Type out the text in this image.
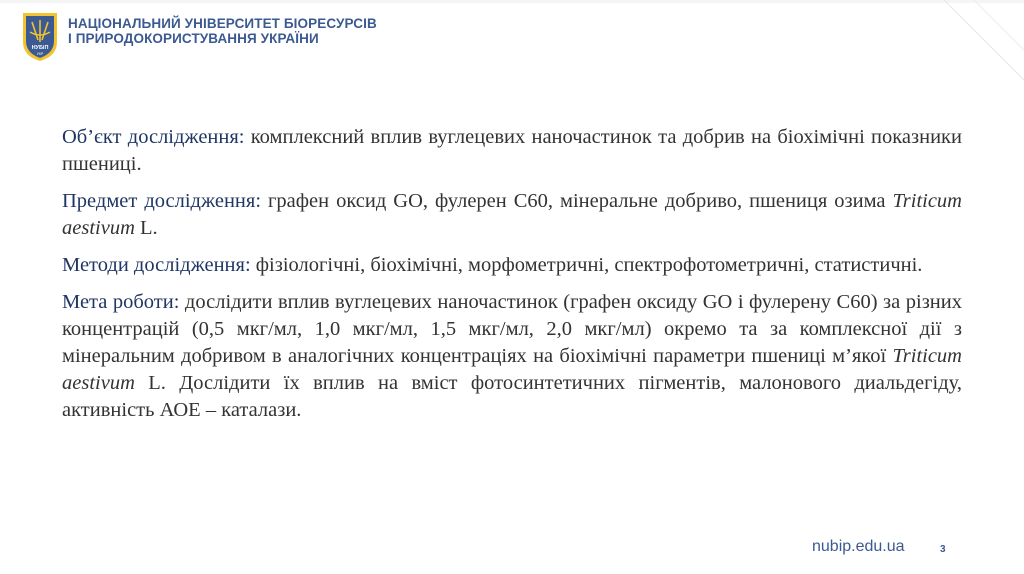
НУБіП
УКР
НАЦІОНАЛЬНИЙ УНІВЕРСИТЕТ БІОРЕСУРСІВ
І ПРИРОДОКОРИСТУВАННЯ УКРАЇНИ

Об’єкт дослідження: комплексний вплив вуглецевих наночастинок та добрив на біохімічні показники пшениці.

Предмет дослідження: графен оксид GO, фулерен С60, мінеральне добриво, пшениця озима Triticum aestivum L.

Методи дослідження: фізіологічні, біохімічні, морфометричні, спектрофотометричні, статистичні.

Мета роботи: дослідити вплив вуглецевих наночастинок (графен оксиду GO і фулерену С60) за різних концентрацій (0,5 мкг/мл, 1,0 мкг/мл, 1,5 мкг/мл, 2,0 мкг/мл) окремо та за комплексної дії з мінеральним добривом в аналогічних концентраціях на біохімічні параметри пшениці м’якої Triticum aestivum L. Дослідити їх вплив на вміст фотосинтетичних пігментів, малонового диальдегіду, активність АОЕ – каталази.

nubip.edu.ua	3
